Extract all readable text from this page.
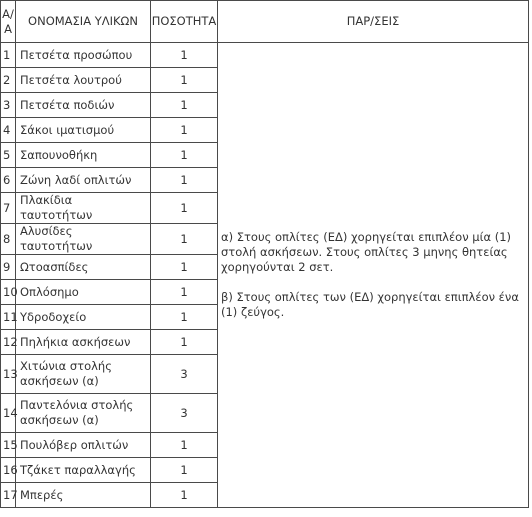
Α/Α	ΟΝΟΜΑΣΙΑ ΥΛΙΚΩΝ	ΠΟΣΟΤΗΤΑ	ΠΑΡ/ΣΕΙΣ
1	Πετσέτα προσώπου	1	α) Στους οπλίτες (ΕΔ) χορηγείται επιπλέον μία (1) στολή ασκήσεων. Στους οπλίτες 3 μηνης θητείας χορηγούνται 2 σετ.
β) Στους οπλίτες των (ΕΔ) χορηγείται επιπλέον ένα (1) ζεύγος.

2	Πετσέτα λουτρού	1	
3	Πετσέτα ποδιών	1	
4	Σάκοι ιματισμού	1	
5	Σαπουνοθήκη	1	
6	Ζώνη λαδί οπλιτών	1	
7	Πλακίδια ταυτοτήτων	1	
8	Αλυσίδες ταυτοτήτων	1	
9	Ωτοασπίδες	1	
10	Οπλόσημο	1	
11	Υδροδοχείο	1	
12	Πηλήκια ασκήσεων	1	
13	Χιτώνια στολής ασκήσεων (α)	3	
14	Παντελόνια στολής ασκήσεων (α)	3	
15	Πουλόβερ οπλιτών	1	
16	Τζάκετ παραλλαγής	1	
17	Μπερές	1	
